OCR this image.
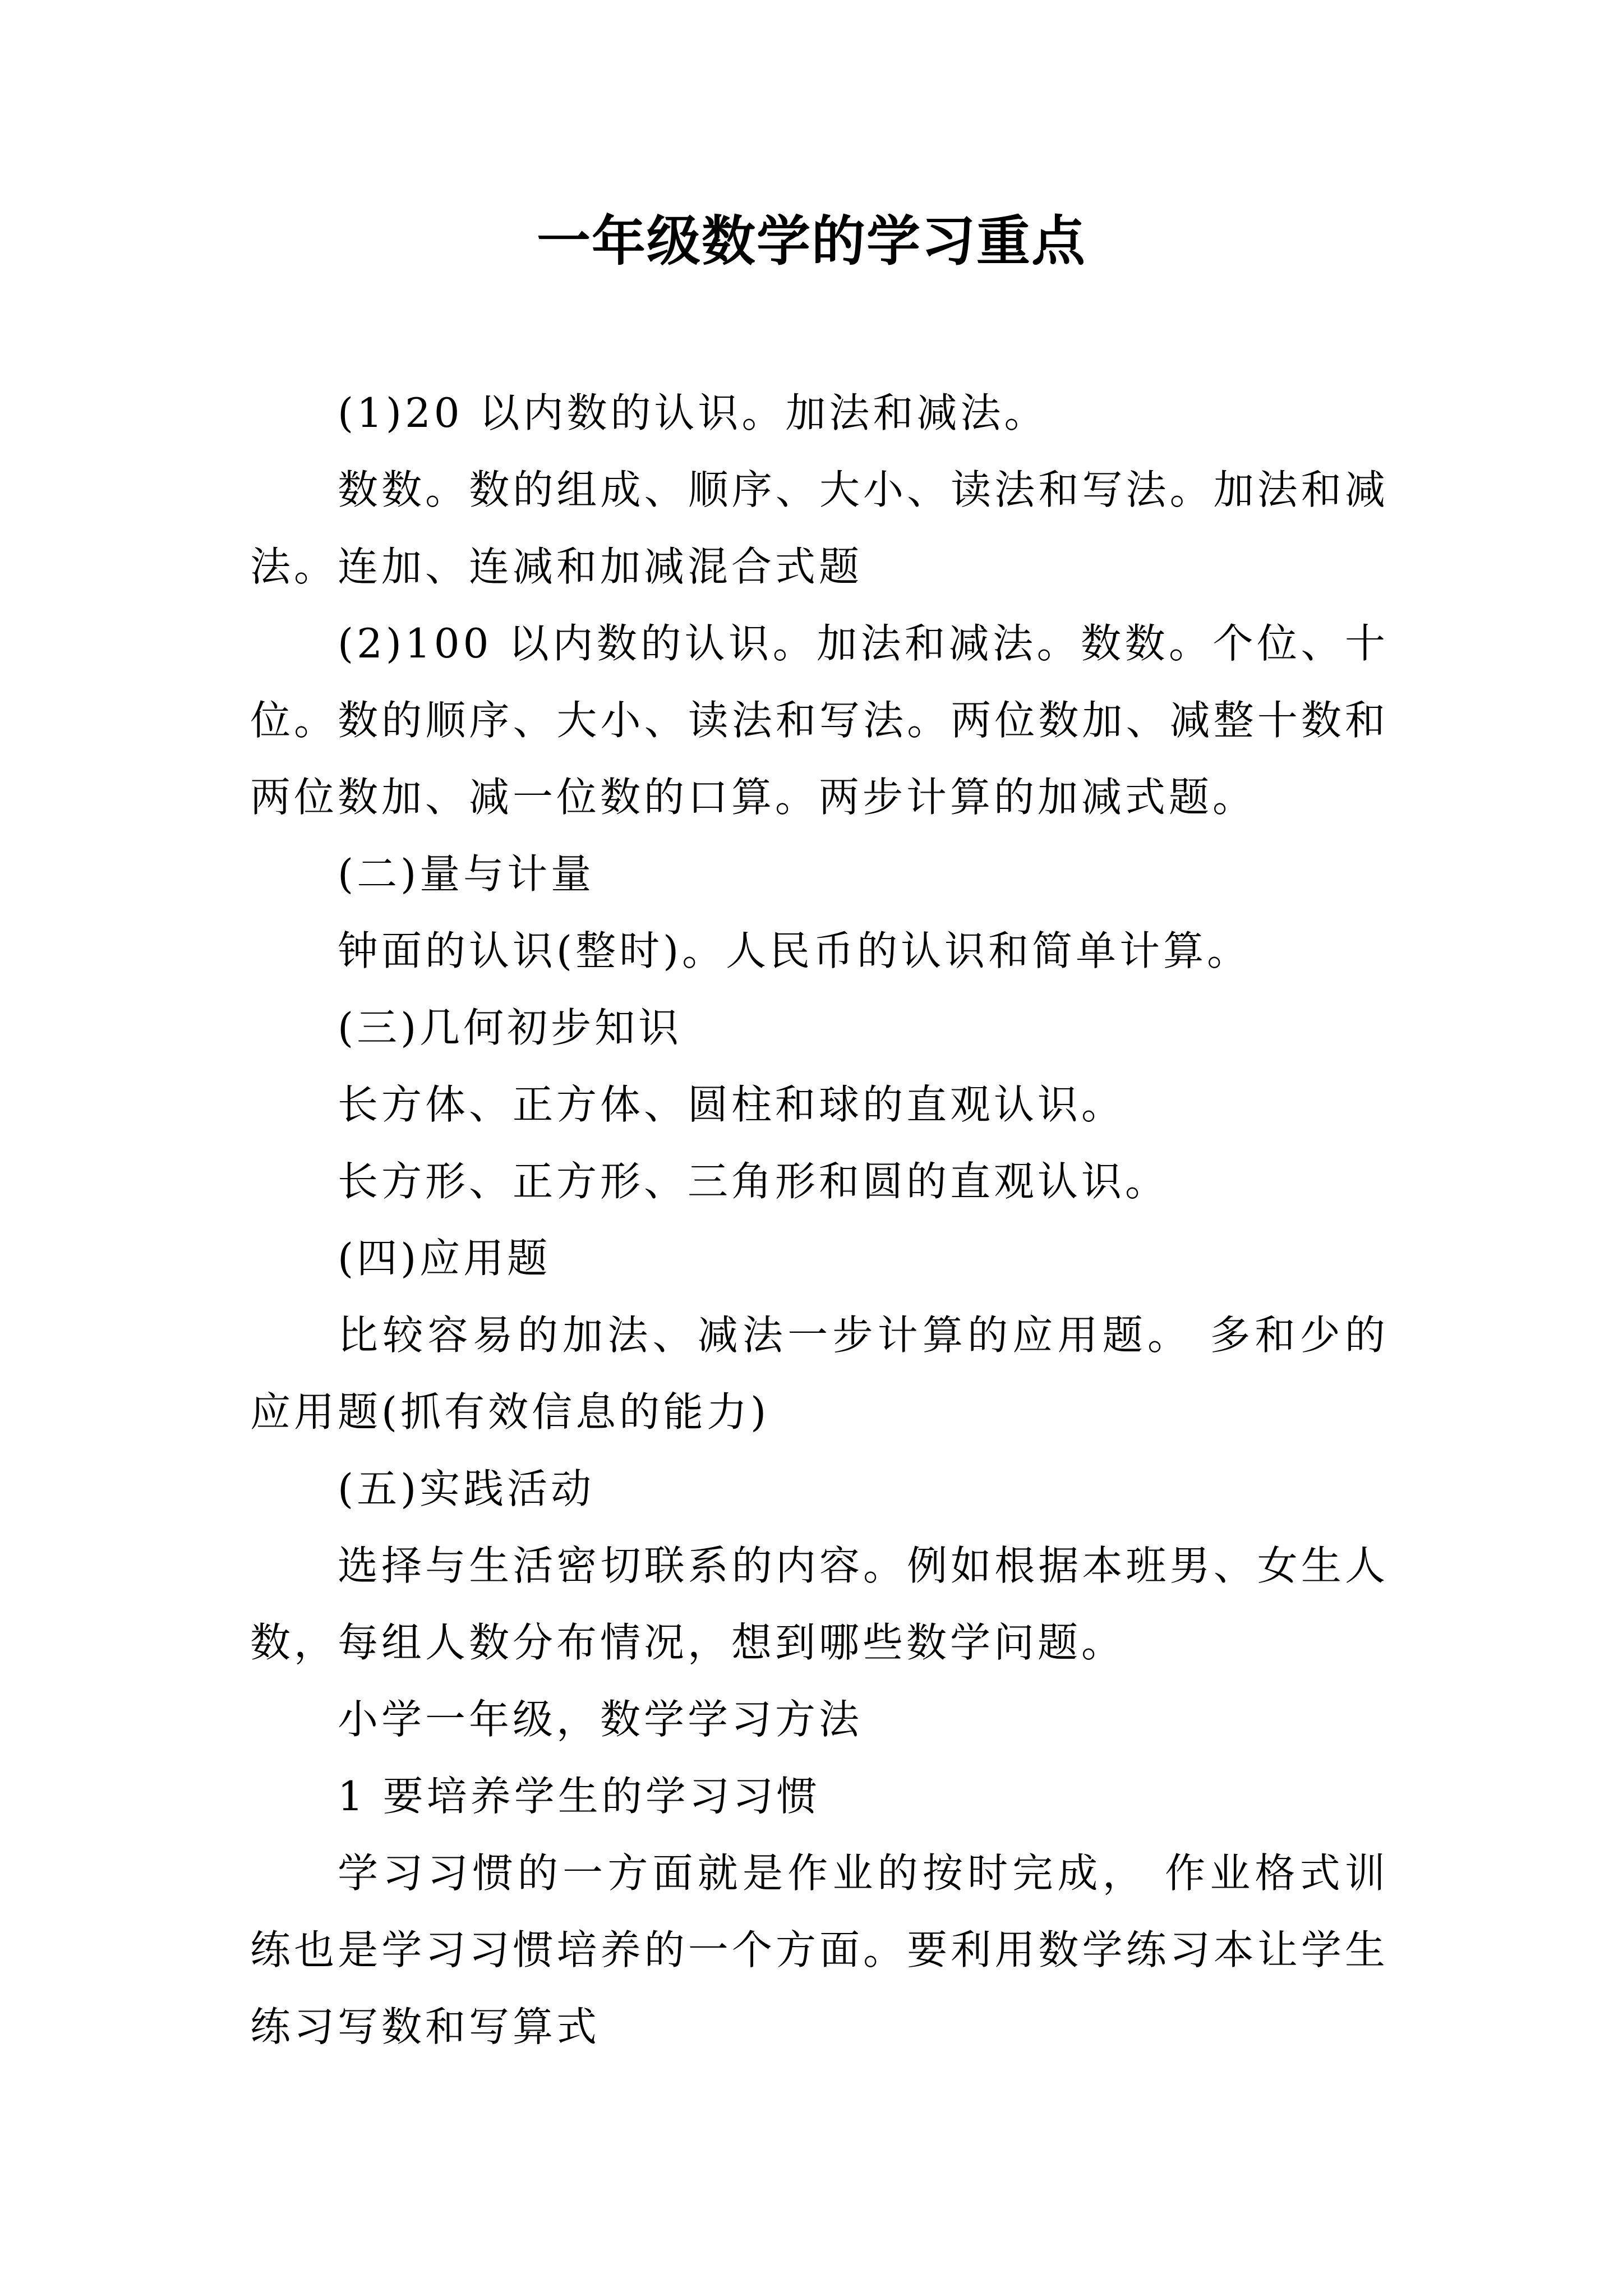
一年级数学的学习重点

(1)20 以内数的认识。加法和减法。

数数。数的组成、顺序、大小、读法和写法。加法和减法。连加、连减和加减混合式题

(2)100 以内数的认识。加法和减法。数数。个位、十位。数的顺序、大小、读法和写法。两位数加、减整十数和两位数加、减一位数的口算。两步计算的加减式题。

(二)量与计量

钟面的认识(整时)。人民币的认识和简单计算。

(三)几何初步知识

长方体、正方体、圆柱和球的直观认识。

长方形、正方形、三角形和圆的直观认识。

(四)应用题

比较容易的加法、减法一步计算的应用题。 多和少的应用题(抓有效信息的能力)

(五)实践活动

选择与生活密切联系的内容。例如根据本班男、女生人数，每组人数分布情况，想到哪些数学问题。

小学一年级，数学学习方法

1 要培养学生的学习习惯

学习习惯的一方面就是作业的按时完成， 作业格式训练也是学习习惯培养的一个方面。要利用数学练习本让学生练习写数和写算式
